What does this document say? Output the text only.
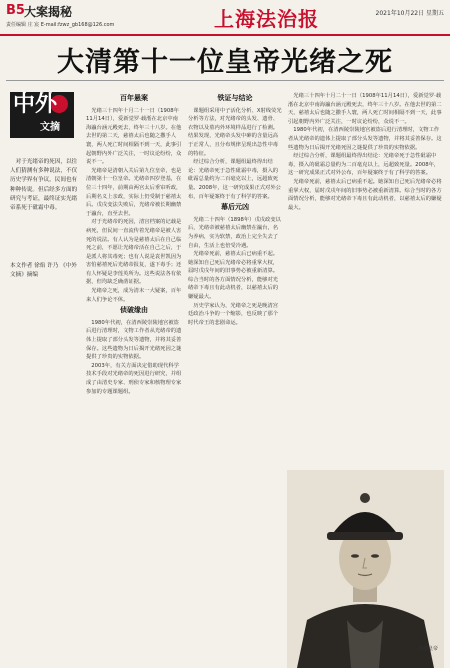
B5 大案揭秘
责任编辑 庄 宸 E-mail:fzwz_gb168@126.com	上海法治报	2021年10月22日 星期五
大清第十一位皇帝光绪之死
中外
文摘
对于光绪帝的死因，以往人们猜测有多种说法，不仅历史学界有争议，民间也有种种传说。但后经多方面的研究与考证，最终证实光绪帝系死于砒霜中毒。
本文作者 徐焰 许乃 《中外文摘》摘编
百年悬案

光绪三十四年十月二十一日（1908年11月14日），爱新觉罗·载湉在北京中南海瀛台涵元殿死去，终年三十八岁。在他去世的第二天，慈禧太后也随之撒手人寰，两人死亡时间相隔不到一天，此事引起朝野内外广泛关注，一时议论纷纷，众说不一。

光绪帝是清朝入关后第九位皇帝，也是清朝第十一位皇帝。光绪帝四岁登基，在位三十四年，前期由两宫太后垂帘听政，后期名义上亲政，实际上仍受制于慈禧太后。戊戌变法失败后，光绪帝被长期幽禁于瀛台，直至去世。

对于光绪帝的死因，清宫档案的记载是病死，但民间一直流传着光绪帝是被人害死的说法。有人认为是慈禧太后在自己临死之前，不愿让光绪帝活在自己之后，于是派人将其毒死；也有人说是袁世凯因为害怕慈禧死后光绪帝报复，遂下毒手；还有人怀疑是李莲英所为。这些说法各有依据，但均缺乏确凿证据。

光绪帝之死，成为清末一大疑案，百年来人们争论不休。

侦破缘由

1980年代初，在清西陵崇陵地宫被盗后进行清理时，文物工作者从光绪帝的遗体上提取了部分头发等遗物，并将其妥善保存。这些遗物为日后揭开光绪死因之谜提供了珍贵的实物依据。

2003年，有关方面决定借助现代科学技术手段对光绪帝的死因进行研究，并组成了由清史专家、刑侦专家和核物理专家参加的专题课题组。

铁证与结论

课题组采用中子活化分析、X射线荧光分析等方法，对光绪帝的头发、遗骨、衣物以及墓内外环境样品进行了检测。结果发现，光绪帝头发中砷的含量远高于正常人，且分布规律呈现出急性中毒的特征。

经过综合分析，课题组最终得出结论：光绪帝死于急性砒霜中毒，摄入的砒霜总量约为二百毫克以上，远超致死量。2008年，这一研究成果正式对外公布，百年疑案终于有了科学的答案。

幕后元凶

光绪二十四年（1898年）戊戌政变以后，光绪帝被慈禧太后幽禁在瀛台，名为养病，实为软禁，政治上完全失去了自由，生活上也倍受冷遇。

光绪帝死前，慈禧太后已病重不起。她深知自己死后光绪帝必将重掌大权，届时戊戌年间的旧事势必被重新清算。综合当时的各方面情况分析，能够对光绪帝下毒且有此动机者，以慈禧太后的嫌疑最大。

历史学家认为，光绪帝之死是晚清宫廷政治斗争的一个缩影，也反映了那个时代帝王的悲剧命运。

光绪三十四年十月二十一日（1908年11月14日），爱新觉罗·载湉在北京中南海瀛台涵元殿死去，终年三十八岁。在他去世的第二天，慈禧太后也随之撒手人寰，两人死亡时间相隔不到一天，此事引起朝野内外广泛关注，一时议论纷纷，众说不一。

1980年代初，在清西陵崇陵地宫被盗后进行清理时，文物工作者从光绪帝的遗体上提取了部分头发等遗物，并将其妥善保存。这些遗物为日后揭开光绪死因之谜提供了珍贵的实物依据。

经过综合分析，课题组最终得出结论：光绪帝死于急性砒霜中毒，摄入的砒霜总量约为二百毫克以上，远超致死量。2008年，这一研究成果正式对外公布，百年疑案终于有了科学的答案。

光绪帝死前，慈禧太后已病重不起。她深知自己死后光绪帝必将重掌大权，届时戊戌年间的旧事势必被重新清算。综合当时的各方面情况分析，能够对光绪帝下毒且有此动机者，以慈禧太后的嫌疑最大。

光绪皇帝
